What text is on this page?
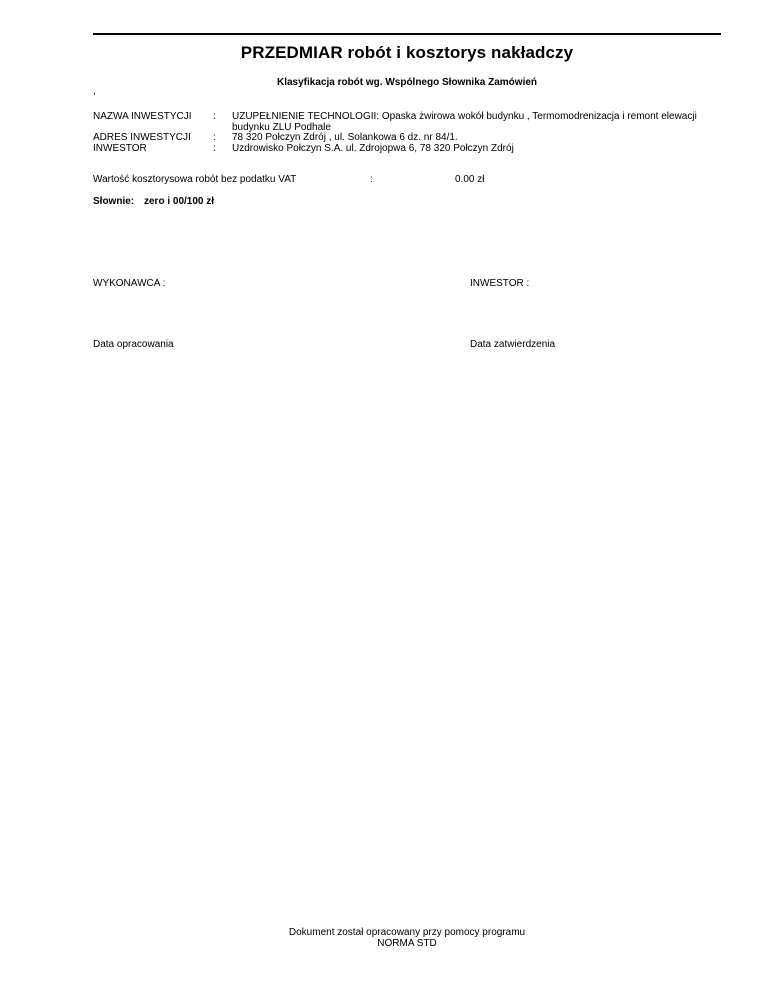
PRZEDMIAR robót i kosztorys nakładczy
Klasyfikacja robót wg. Wspólnego Słownika Zamówień
,
NAZWA INWESTYCJI : UZUPEŁNIENIE TECHNOLOGII: Opaska żwirowa wokół budynku , Termomodrenizacja i remont elewacji budynku ZLU Podhale
ADRES INWESTYCJI : 78 320 Połczyn Zdrój , ul. Solankowa 6 dz. nr 84/1.
INWESTOR	: Uzdrowisko Połczyn S.A. ul. Zdrojopwa 6, 78 320 Połczyn Zdrój
Wartość kosztorysowa robót bez podatku VAT	:	0.00 zł
Słownie: zero i 00/100 zł
WYKONAWCA :	INWESTOR :
Data opracowania	Data zatwierdzenia
Dokument został opracowany przy pomocy programu
NORMA STD
